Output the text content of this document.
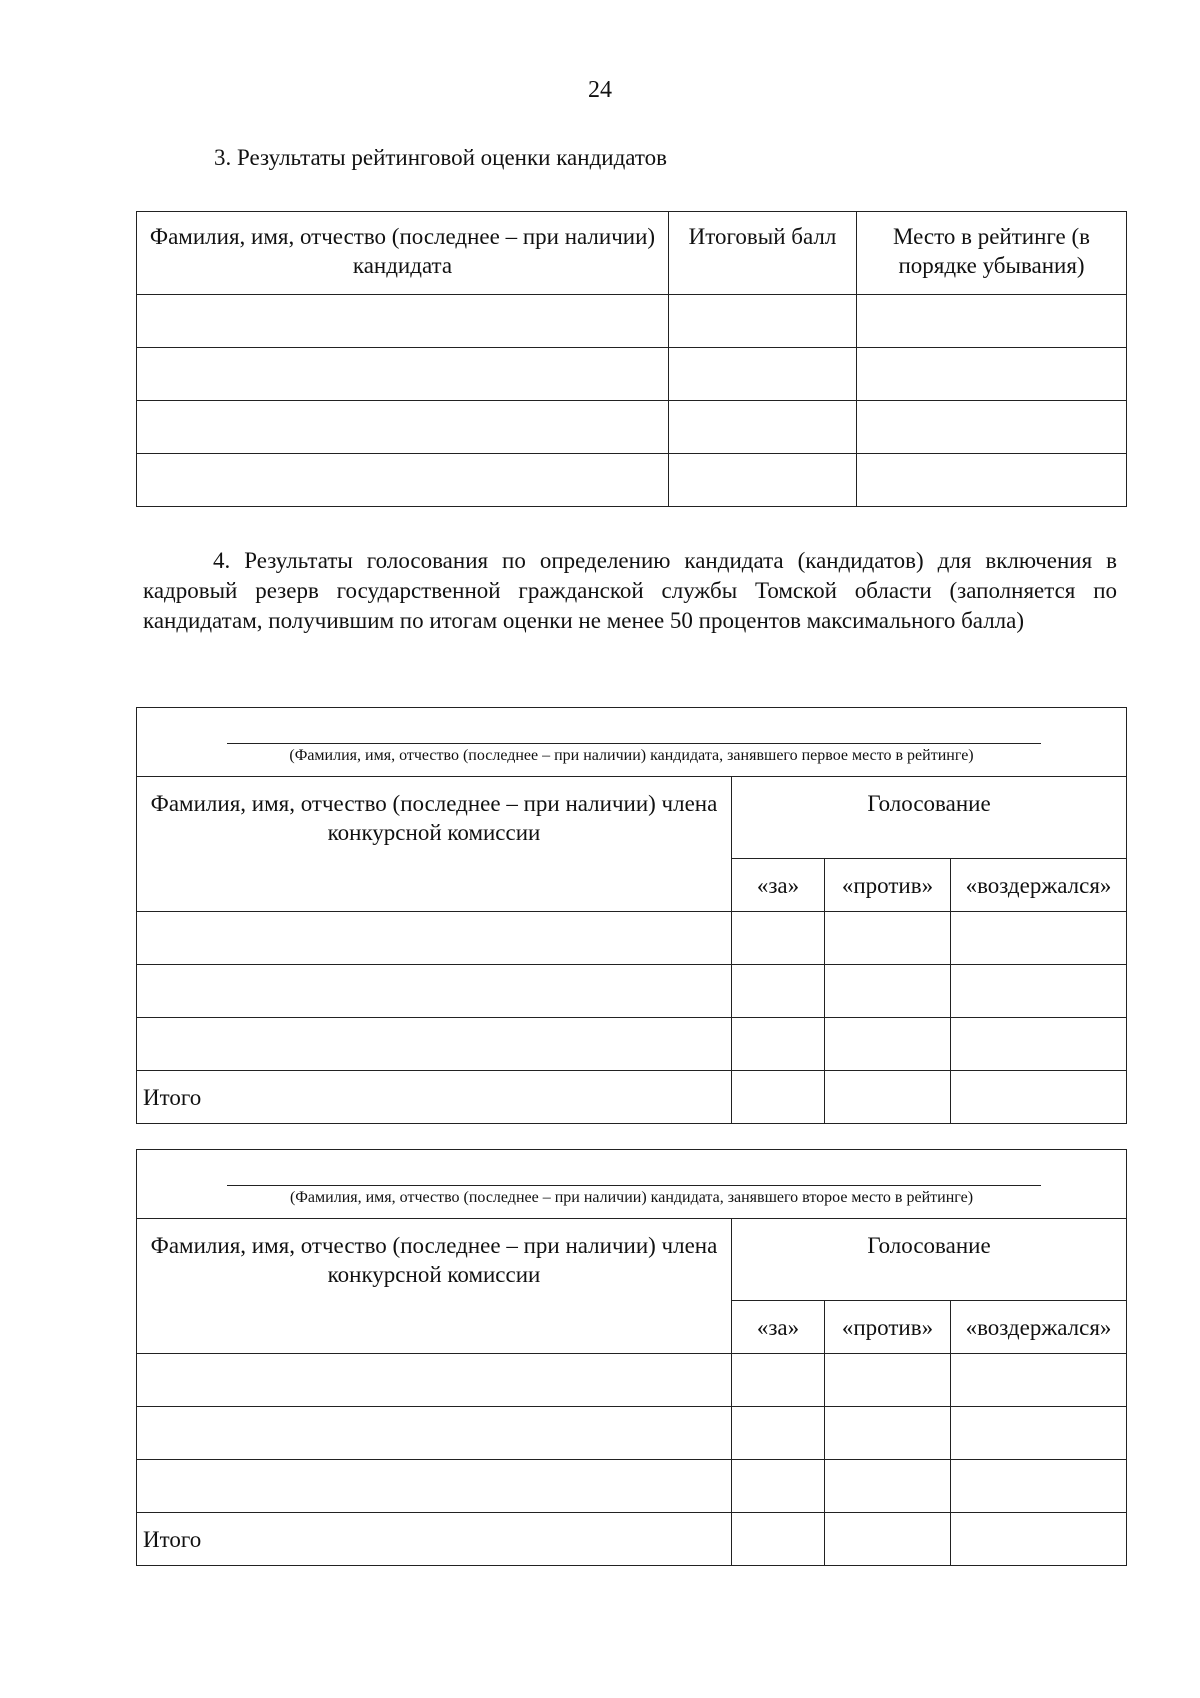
24
3. Результаты рейтинговой оценки кандидатов
Фамилия, имя, отчество (последнее – при наличии) кандидата	Итоговый балл	Место в рейтинге (в порядке убывания)

4. Результаты голосования по определению кандидата (кандидатов) для включения в кадровый резерв государственной гражданской службы Томской области (заполняется по кандидатам, получившим по итогам оценки не менее 50 процентов максимального балла)
(Фамилия, имя, отчество (последнее – при наличии) кандидата, занявшего первое место в рейтинге)			

Фамилия, имя, отчество (последнее – при наличии) члена конкурсной комиссии	Голосование		
	«за»	«против»	«воздержался»

Итого			
(Фамилия, имя, отчество (последнее – при наличии) кандидата, занявшего второе место в рейтинге)			

Фамилия, имя, отчество (последнее – при наличии) члена конкурсной комиссии	Голосование		
	«за»	«против»	«воздержался»

Итого			
